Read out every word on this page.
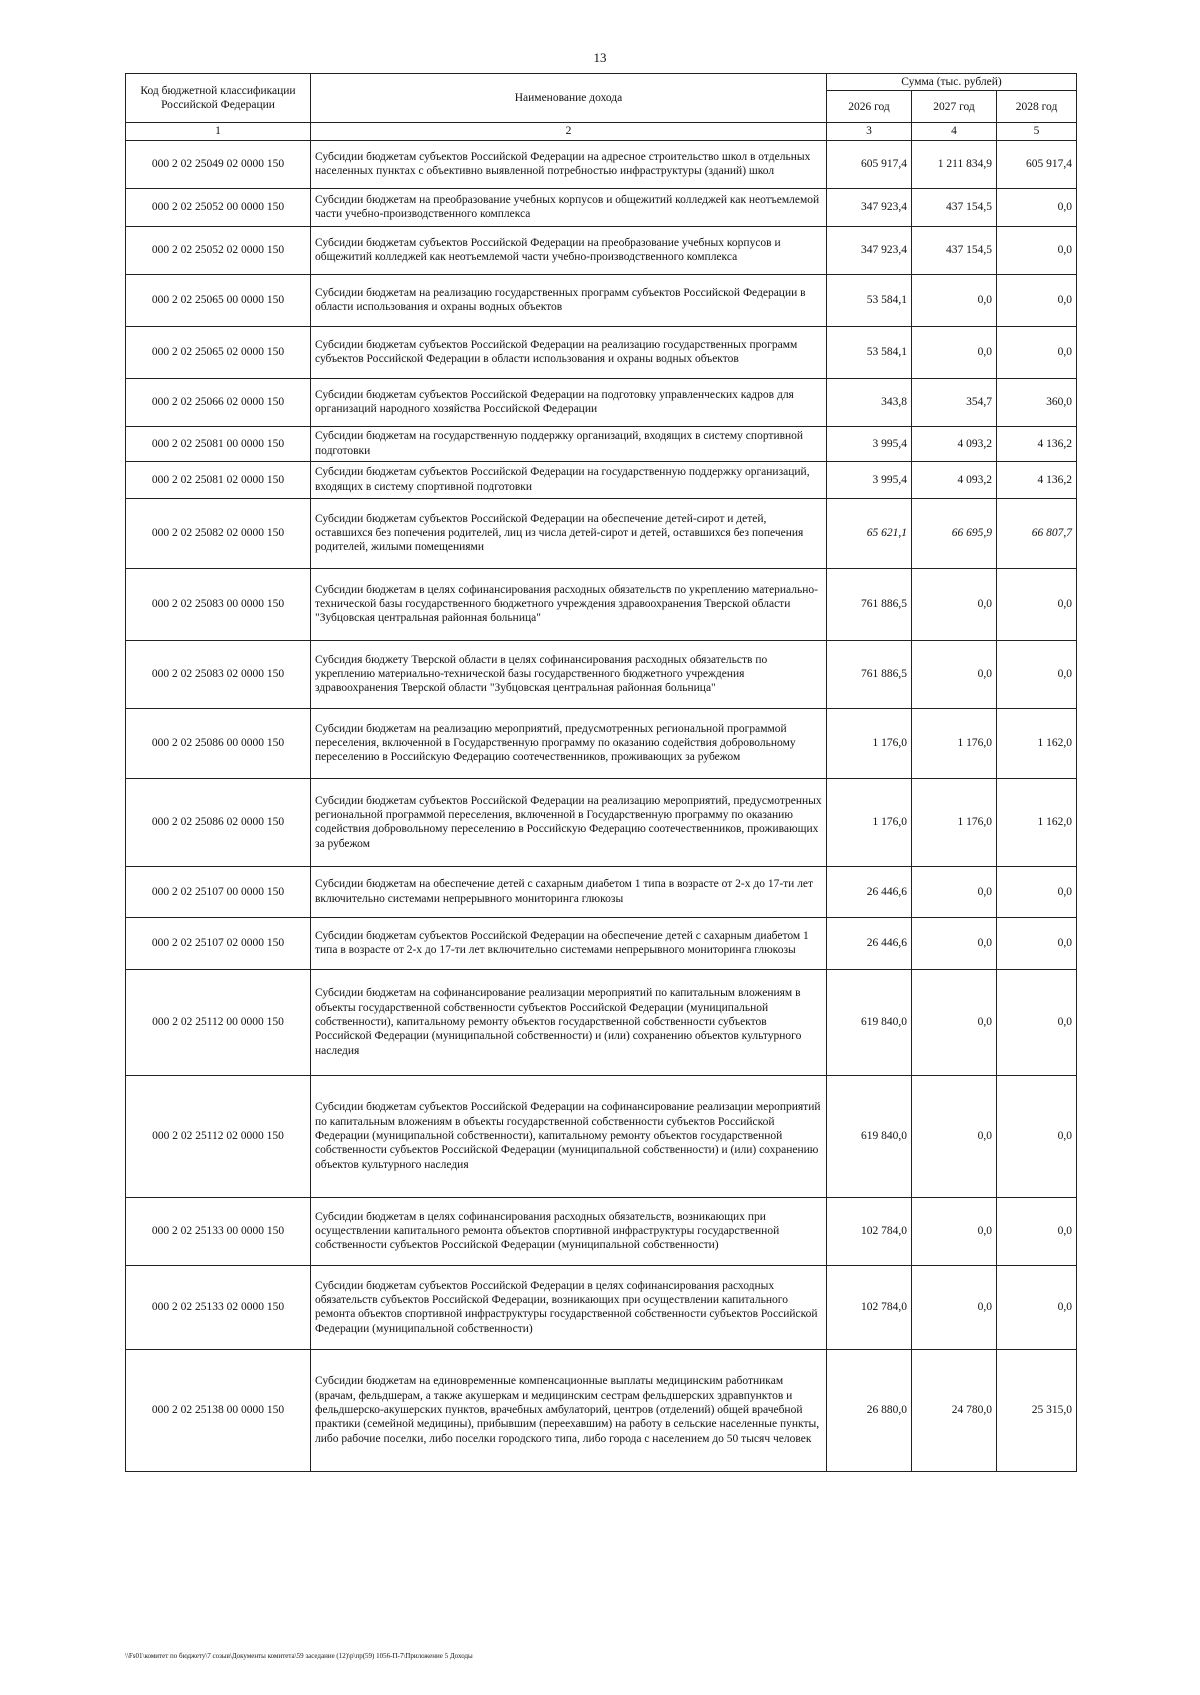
13
Код бюджетной классификации Российской Федерации	Наименование дохода	Сумма (тыс. рублей)		
		2026 год	2027 год	2028 год
1	2	3	4	5
000 2 02 25049 02 0000 150	Субсидии бюджетам субъектов Российской Федерации на адресное строительство школ в отдельных населенных пунктах с объективно выявленной потребностью инфраструктуры (зданий) школ	605 917,4	1 211 834,9	605 917,4
000 2 02 25052 00 0000 150	Субсидии бюджетам на преобразование учебных корпусов и общежитий колледжей как неотъемлемой части учебно-производственного комплекса	347 923,4	437 154,5	0,0
000 2 02 25052 02 0000 150	Субсидии бюджетам субъектов Российской Федерации на преобразование учебных корпусов и общежитий колледжей как неотъемлемой части учебно-производственного комплекса	347 923,4	437 154,5	0,0
000 2 02 25065 00 0000 150	Субсидии бюджетам на реализацию государственных программ субъектов Российской Федерации в области использования и охраны водных объектов	53 584,1	0,0	0,0
000 2 02 25065 02 0000 150	Субсидии бюджетам субъектов Российской Федерации на реализацию государственных программ субъектов Российской Федерации в области использования и охраны водных объектов	53 584,1	0,0	0,0
000 2 02 25066 02 0000 150	Субсидии бюджетам субъектов Российской Федерации на подготовку управленческих кадров для организаций народного хозяйства Российской Федерации	343,8	354,7	360,0
000 2 02 25081 00 0000 150	Субсидии бюджетам на государственную поддержку организаций, входящих в систему спортивной подготовки	3 995,4	4 093,2	4 136,2
000 2 02 25081 02 0000 150	Субсидии бюджетам субъектов Российской Федерации на государственную поддержку организаций, входящих в систему спортивной подготовки	3 995,4	4 093,2	4 136,2
000 2 02 25082 02 0000 150	Субсидии бюджетам субъектов Российской Федерации на обеспечение детей-сирот и детей, оставшихся без попечения родителей, лиц из числа детей-сирот и детей, оставшихся без попечения родителей, жилыми помещениями	65 621,1	66 695,9	66 807,7
000 2 02 25083 00 0000 150	Субсидии бюджетам в целях софинансирования расходных обязательств по укреплению материально-технической базы государственного бюджетного учреждения здравоохранения Тверской области "Зубцовская центральная районная больница"	761 886,5	0,0	0,0
000 2 02 25083 02 0000 150	Субсидия бюджету Тверской области в целях софинансирования расходных обязательств по укреплению материально-технической базы государственного бюджетного учреждения здравоохранения Тверской области "Зубцовская центральная районная больница"	761 886,5	0,0	0,0
000 2 02 25086 00 0000 150	Субсидии бюджетам на реализацию мероприятий, предусмотренных региональной программой переселения, включенной в Государственную программу по оказанию содействия добровольному переселению в Российскую Федерацию соотечественников, проживающих за рубежом	1 176,0	1 176,0	1 162,0
000 2 02 25086 02 0000 150	Субсидии бюджетам субъектов Российской Федерации на реализацию мероприятий, предусмотренных региональной программой переселения, включенной в Государственную программу по оказанию содействия добровольному переселению в Российскую Федерацию соотечественников, проживающих за рубежом	1 176,0	1 176,0	1 162,0
000 2 02 25107 00 0000 150	Субсидии бюджетам на обеспечение детей с сахарным диабетом 1 типа в возрасте от 2-х до 17-ти лет включительно системами непрерывного мониторинга глюкозы	26 446,6	0,0	0,0
000 2 02 25107 02 0000 150	Субсидии бюджетам субъектов Российской Федерации на обеспечение детей с сахарным диабетом 1 типа в возрасте от 2-х до 17-ти лет включительно системами непрерывного мониторинга глюкозы	26 446,6	0,0	0,0
000 2 02 25112 00 0000 150	Субсидии бюджетам на софинансирование реализации мероприятий по капитальным вложениям в объекты государственной собственности субъектов Российской Федерации (муниципальной собственности), капитальному ремонту объектов государственной собственности субъектов Российской Федерации (муниципальной собственности) и (или) сохранению объектов культурного наследия	619 840,0	0,0	0,0
000 2 02 25112 02 0000 150	Субсидии бюджетам субъектов Российской Федерации на софинансирование реализации мероприятий по капитальным вложениям в объекты государственной собственности субъектов Российской Федерации (муниципальной собственности), капитальному ремонту объектов государственной собственности субъектов Российской Федерации (муниципальной собственности) и (или) сохранению объектов культурного наследия	619 840,0	0,0	0,0
000 2 02 25133 00 0000 150	Субсидии бюджетам в целях софинансирования расходных обязательств, возникающих при осуществлении капитального ремонта объектов спортивной инфраструктуры государственной собственности субъектов Российской Федерации (муниципальной собственности)	102 784,0	0,0	0,0
000 2 02 25133 02 0000 150	Субсидии бюджетам субъектов Российской Федерации в целях софинансирования расходных обязательств субъектов Российской Федерации, возникающих при осуществлении капитального ремонта объектов спортивной инфраструктуры государственной собственности субъектов Российской Федерации (муниципальной собственности)	102 784,0	0,0	0,0
000 2 02 25138 00 0000 150	Субсидии бюджетам на единовременные компенсационные выплаты медицинским работникам (врачам, фельдшерам, а также акушеркам и медицинским сестрам фельдшерских здравпунктов и фельдшерско-акушерских пунктов, врачебных амбулаторий, центров (отделений) общей врачебной практики (семейной медицины), прибывшим (переехавшим) на работу в сельские населенные пункты, либо рабочие поселки, либо поселки городского типа, либо города с населением до 50 тысяч человек	26 880,0	24 780,0	25 315,0
\\Fs01\комитет по бюджету\7 созыв\Документы комитета\59 заседание (12)\р\пр(59) 1056-П-7\Приложение 5 Доходы
